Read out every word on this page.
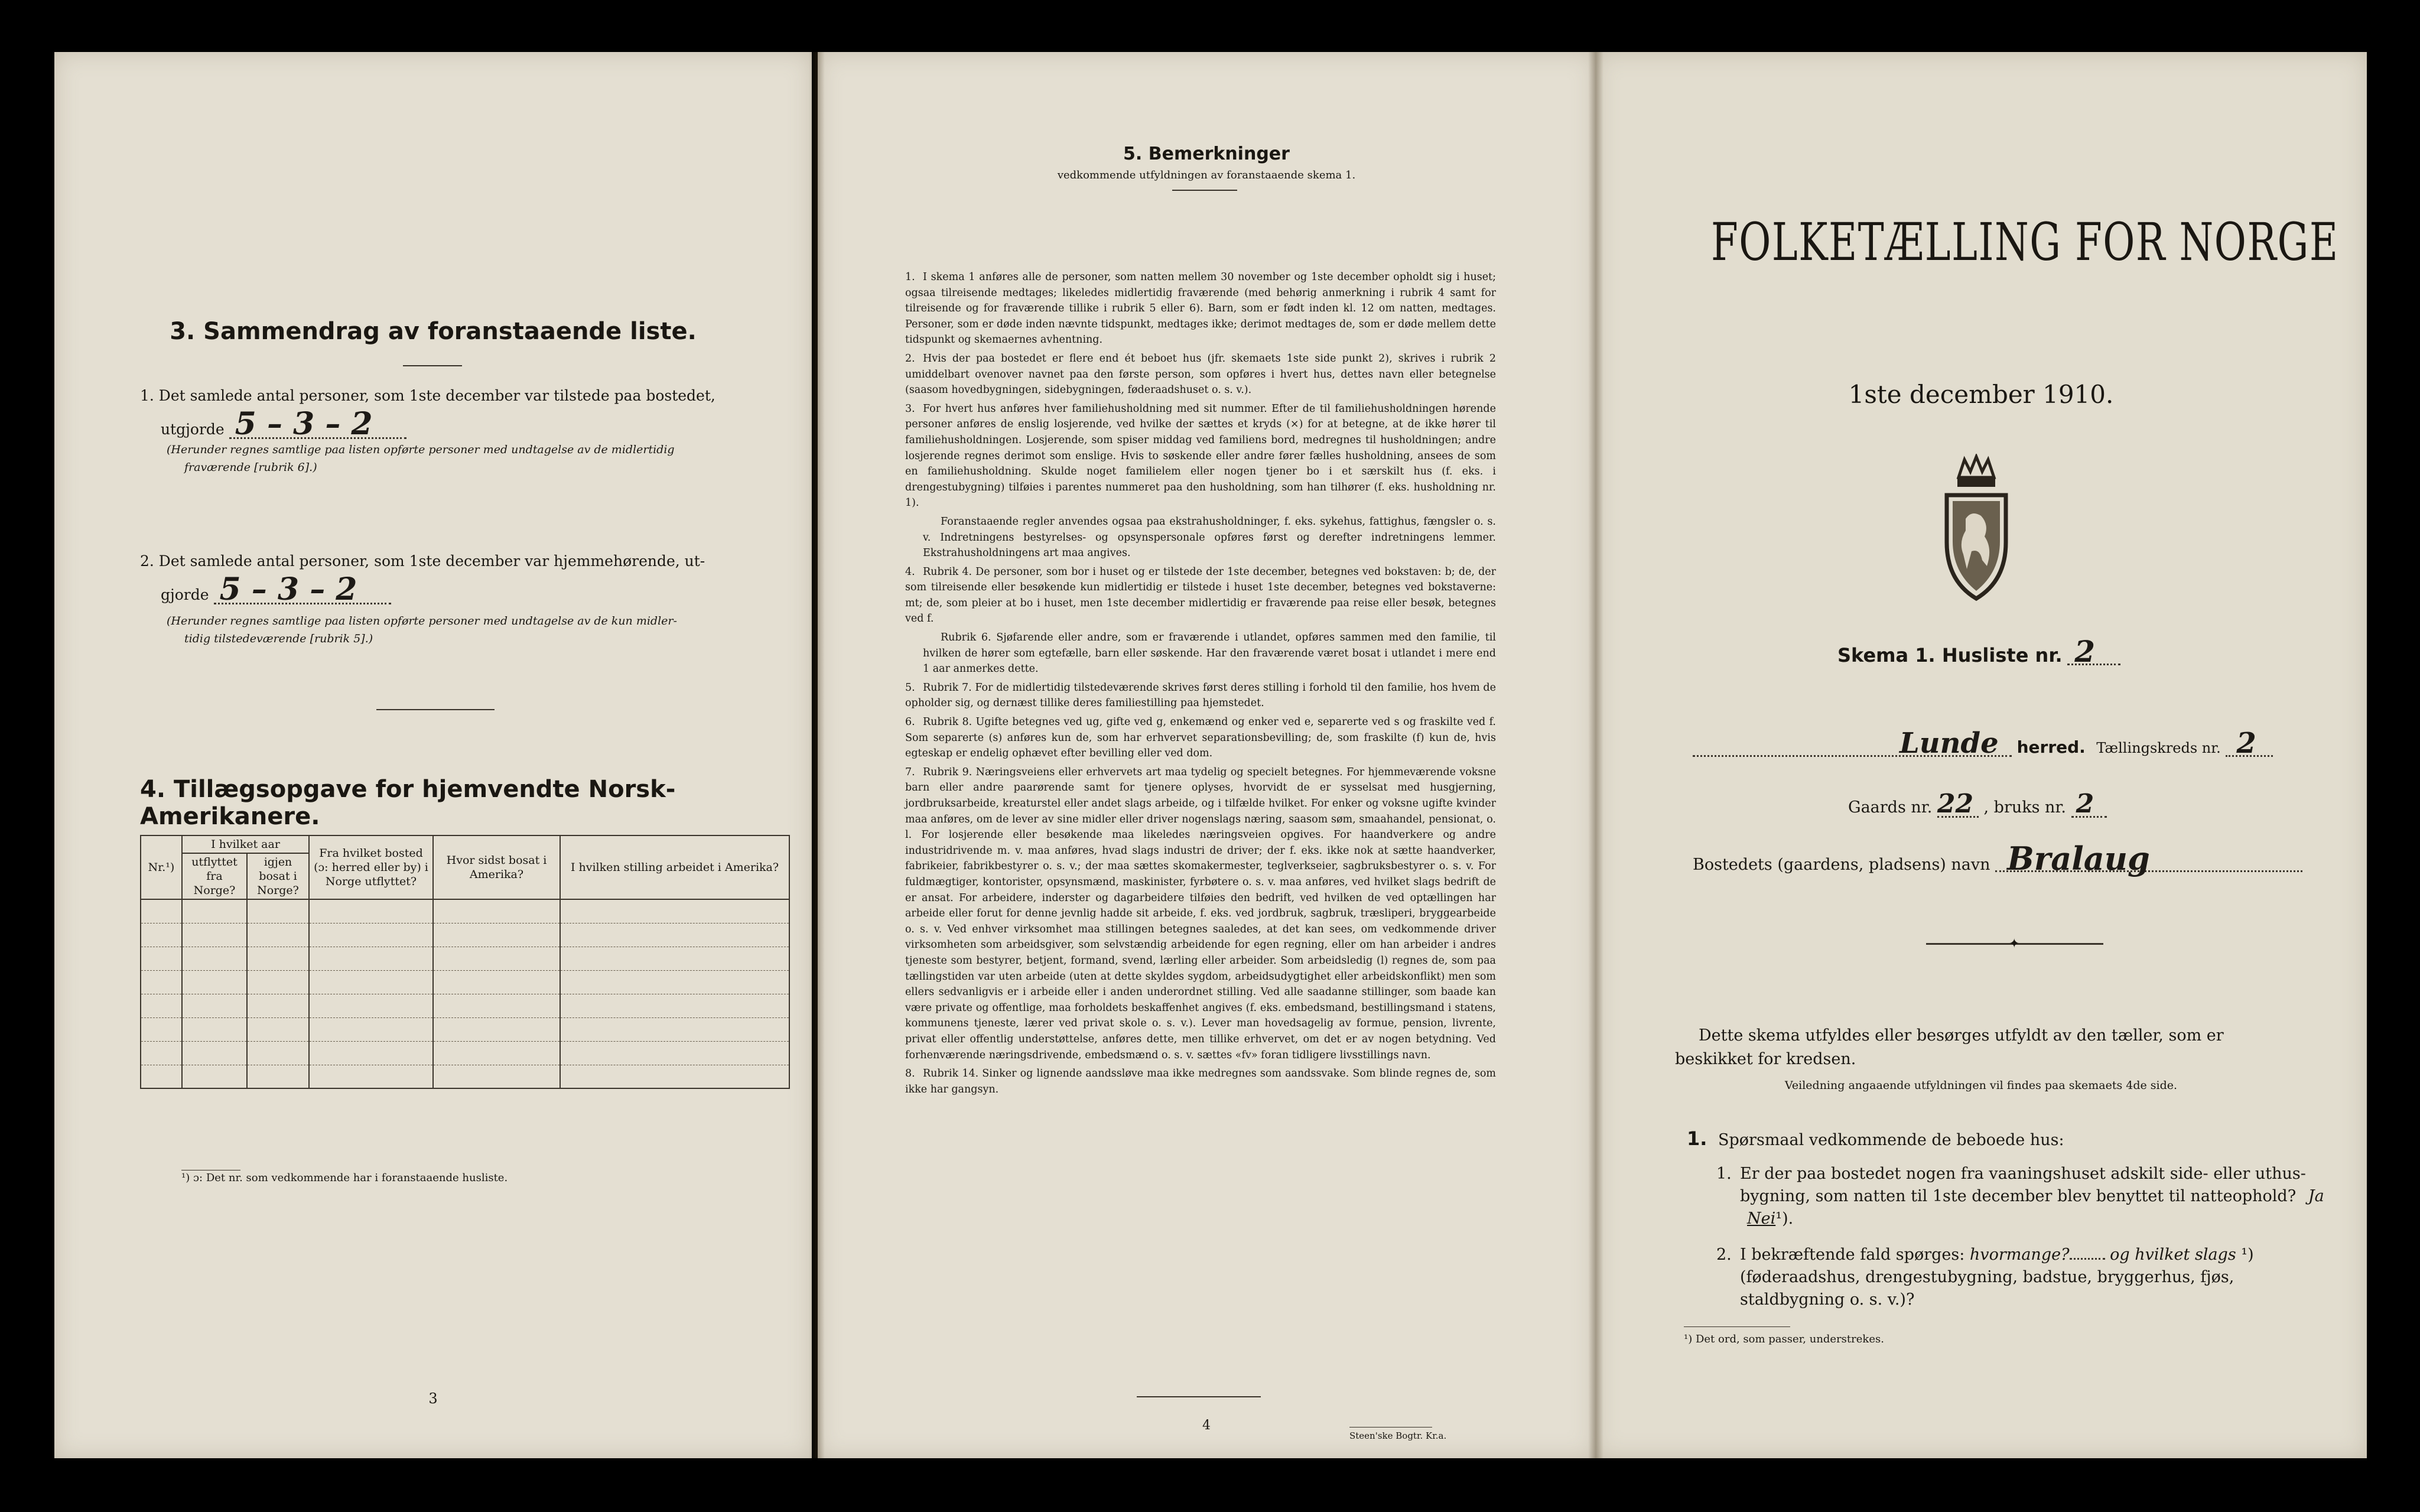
3. Sammendrag av foranstaaende liste.
1. Det samlede antal personer, som 1ste december var tilstede paa bostedet,
utgjorde 5 – 3 – 2
(Herunder regnes samtlige paa listen opførte personer med undtagelse av de midlertidig
fraværende [rubrik 6].)
2. Det samlede antal personer, som 1ste december var hjemmehørende, ut-
gjorde 5 – 3 – 2
(Herunder regnes samtlige paa listen opførte personer med undtagelse av de kun midler-
tidig tilstedeværende [rubrik 5].)
4. Tillægsopgave for hjemvendte Norsk-Amerikanere.
Nr.¹)	I hvilket aar		Fra hvilket bosted (ɔ: herred eller by) i Norge utflyttet?	Hvor sidst bosat i Amerika?	I hvilken stilling arbeidet i Amerika?
	utflyttet fra Norge?	igjen bosat i Norge?			

¹) ɔ: Det nr. som vedkommende har i foranstaaende husliste.
3
5. Bemerkninger
vedkommende utfyldningen av foranstaaende skema 1.

1. I skema 1 anføres alle de personer, som natten mellem 30 november og 1ste december opholdt sig i huset; ogsaa tilreisende medtages; likeledes midlertidig fraværende (med behørig anmerkning i rubrik 4 samt for tilreisende og for fraværende tillike i rubrik 5 eller 6). Barn, som er født inden kl. 12 om natten, medtages. Personer, som er døde inden nævnte tidspunkt, medtages ikke; derimot medtages de, som er døde mellem dette tidspunkt og skemaernes avhentning.

2. Hvis der paa bostedet er flere end ét beboet hus (jfr. skemaets 1ste side punkt 2), skrives i rubrik 2 umiddelbart ovenover navnet paa den første person, som opføres i hvert hus, dettes navn eller betegnelse (saasom hovedbygningen, sidebygningen, føderaadshuset o. s. v.).

3. For hvert hus anføres hver familiehusholdning med sit nummer. Efter de til familiehusholdningen hørende personer anføres de enslig losjerende, ved hvilke der sættes et kryds (×) for at betegne, at de ikke hører til familiehusholdningen. Losjerende, som spiser middag ved familiens bord, medregnes til husholdningen; andre losjerende regnes derimot som enslige. Hvis to søskende eller andre fører fælles husholdning, ansees de som en familiehusholdning. Skulde noget familielem eller nogen tjener bo i et særskilt hus (f. eks. i drengestubygning) tilføies i parentes nummeret paa den husholdning, som han tilhører (f. eks. husholdning nr. 1).

Foranstaaende regler anvendes ogsaa paa ekstrahusholdninger, f. eks. sykehus, fattighus, fængsler o. s. v. Indretningens bestyrelses- og opsynspersonale opføres først og derefter indretningens lemmer. Ekstrahusholdningens art maa angives.

4. Rubrik 4. De personer, som bor i huset og er tilstede der 1ste december, betegnes ved bokstaven: b; de, der som tilreisende eller besøkende kun midlertidig er tilstede i huset 1ste december, betegnes ved bokstaverne: mt; de, som pleier at bo i huset, men 1ste december midlertidig er fraværende paa reise eller besøk, betegnes ved f.

Rubrik 6. Sjøfarende eller andre, som er fraværende i utlandet, opføres sammen med den familie, til hvilken de hører som egtefælle, barn eller søskende. Har den fraværende været bosat i utlandet i mere end 1 aar anmerkes dette.

5. Rubrik 7. For de midlertidig tilstedeværende skrives først deres stilling i forhold til den familie, hos hvem de opholder sig, og dernæst tillike deres familiestilling paa hjemstedet.

6. Rubrik 8. Ugifte betegnes ved ug, gifte ved g, enkemænd og enker ved e, separerte ved s og fraskilte ved f. Som separerte (s) anføres kun de, som har erhvervet separationsbevilling; de, som fraskilte (f) kun de, hvis egteskap er endelig ophævet efter bevilling eller ved dom.

7. Rubrik 9. Næringsveiens eller erhvervets art maa tydelig og specielt betegnes. For hjemmeværende voksne barn eller andre paarørende samt for tjenere oplyses, hvorvidt de er sysselsat med husgjerning, jordbruksarbeide, kreaturstel eller andet slags arbeide, og i tilfælde hvilket. For enker og voksne ugifte kvinder maa anføres, om de lever av sine midler eller driver nogenslags næring, saasom søm, smaahandel, pensionat, o. l. For losjerende eller besøkende maa likeledes næringsveien opgives. For haandverkere og andre industridrivende m. v. maa anføres, hvad slags industri de driver; der f. eks. ikke nok at sætte haandverker, fabrikeier, fabrikbestyrer o. s. v.; der maa sættes skomakermester, teglverkseier, sagbruksbestyrer o. s. v. For fuldmægtiger, kontorister, opsynsmænd, maskinister, fyrbøtere o. s. v. maa anføres, ved hvilket slags bedrift de er ansat. For arbeidere, inderster og dagarbeidere tilføies den bedrift, ved hvilken de ved optællingen har arbeide eller forut for denne jevnlig hadde sit arbeide, f. eks. ved jordbruk, sagbruk, træsliperi, bryggearbeide o. s. v. Ved enhver virksomhet maa stillingen betegnes saaledes, at det kan sees, om vedkommende driver virksomheten som arbeidsgiver, som selvstændig arbeidende for egen regning, eller om han arbeider i andres tjeneste som bestyrer, betjent, formand, svend, lærling eller arbeider. Som arbeidsledig (l) regnes de, som paa tællingstiden var uten arbeide (uten at dette skyldes sygdom, arbeidsudygtighet eller arbeidskonflikt) men som ellers sedvanligvis er i arbeide eller i anden underordnet stilling. Ved alle saadanne stillinger, som baade kan være private og offentlige, maa forholdets beskaffenhet angives (f. eks. embedsmand, bestillingsmand i statens, kommunens tjeneste, lærer ved privat skole o. s. v.). Lever man hovedsagelig av formue, pension, livrente, privat eller offentlig understøttelse, anføres dette, men tillike erhvervet, om det er av nogen betydning. Ved forhenværende næringsdrivende, embedsmænd o. s. v. sættes «fv» foran tidligere livsstillings navn.

8. Rubrik 14. Sinker og lignende aandssløve maa ikke medregnes som aandssvake. Som blinde regnes de, som ikke har gangsyn.

4
Steen'ske Bogtr. Kr.a.
FOLKETÆLLING FOR NORGE
1ste december 1910.
Skema 1. Husliste nr. 2
Lunde herred. Tællingskreds nr. 2
Gaards nr. 22 , bruks nr. 2
Bostedets (gaardens, pladsens) navn Bralaug
✦
Dette skema utfyldes eller besørges utfyldt av den tæller, som er beskikket for kredsen.
Veiledning angaaende utfyldningen vil findes paa skemaets 4de side.
1. Spørsmaal vedkommende de beboede hus:
1. Er der paa bostedet nogen fra vaaningshuset adskilt side- eller uthus-bygning, som natten til 1ste december blev benyttet til natteophold? Ja Nei¹).
2. I bekræftende fald spørges: hvormange?	og hvilket slags ¹) (føderaadshus, drengestubygning, badstue, bryggerhus, fjøs, staldbygning o. s. v.)?
¹) Det ord, som passer, understrekes.
